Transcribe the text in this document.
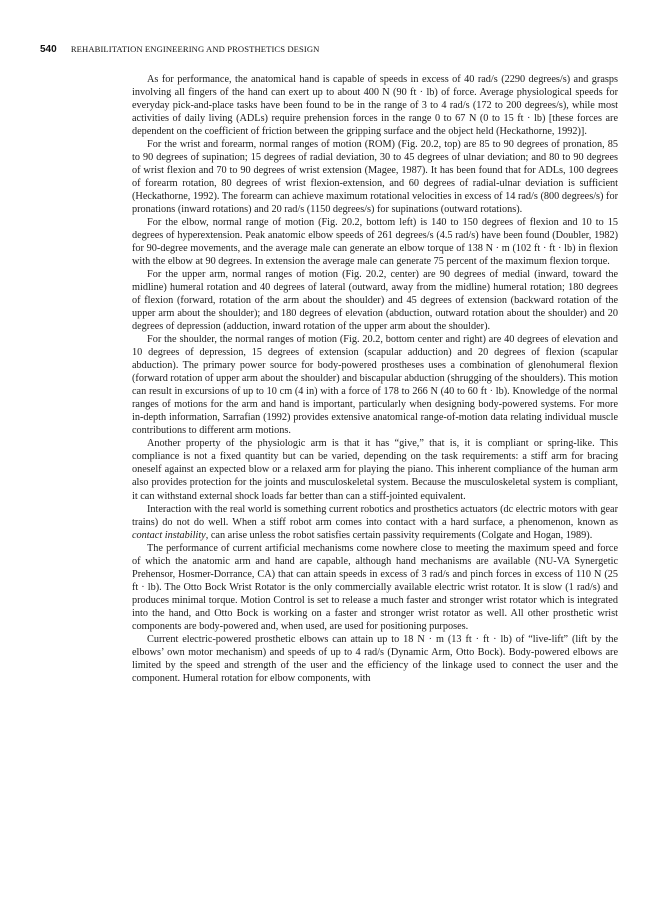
540 REHABILITATION ENGINEERING AND PROSTHETICS DESIGN

As for performance, the anatomical hand is capable of speeds in excess of 40 rad/s (2290 degrees/s) and grasps involving all fingers of the hand can exert up to about 400 N (90 ft · lb) of force. Average physiological speeds for everyday pick-and-place tasks have been found to be in the range of 3 to 4 rad/s (172 to 200 degrees/s), while most activities of daily living (ADLs) require prehension forces in the range 0 to 67 N (0 to 15 ft · lb) [these forces are dependent on the coefficient of friction between the gripping surface and the object held (Heckathorne, 1992)].

For the wrist and forearm, normal ranges of motion (ROM) (Fig. 20.2, top) are 85 to 90 degrees of pronation, 85 to 90 degrees of supination; 15 degrees of radial deviation, 30 to 45 degrees of ulnar deviation; and 80 to 90 degrees of wrist flexion and 70 to 90 degrees of wrist extension (Magee, 1987). It has been found that for ADLs, 100 degrees of forearm rotation, 80 degrees of wrist flexion-extension, and 60 degrees of radial-ulnar deviation is sufficient (Heckathorne, 1992). The forearm can achieve maximum rotational velocities in excess of 14 rad/s (800 degrees/s) for pronations (inward rotations) and 20 rad/s (1150 degrees/s) for supinations (outward rotations).

For the elbow, normal range of motion (Fig. 20.2, bottom left) is 140 to 150 degrees of flexion and 10 to 15 degrees of hyperextension. Peak anatomic elbow speeds of 261 degrees/s (4.5 rad/s) have been found (Doubler, 1982) for 90-degree movements, and the average male can generate an elbow torque of 138 N · m (102 ft · ft · lb) in flexion with the elbow at 90 degrees. In extension the average male can generate 75 percent of the maximum flexion torque.

For the upper arm, normal ranges of motion (Fig. 20.2, center) are 90 degrees of medial (inward, toward the midline) humeral rotation and 40 degrees of lateral (outward, away from the midline) humeral rotation; 180 degrees of flexion (forward, rotation of the arm about the shoulder) and 45 degrees of extension (backward rotation of the upper arm about the shoulder); and 180 degrees of elevation (abduction, outward rotation about the shoulder) and 20 degrees of depression (adduction, inward rotation of the upper arm about the shoulder).

For the shoulder, the normal ranges of motion (Fig. 20.2, bottom center and right) are 40 degrees of elevation and 10 degrees of depression, 15 degrees of extension (scapular adduction) and 20 degrees of flexion (scapular abduction). The primary power source for body-powered prostheses uses a combination of glenohumeral flexion (forward rotation of upper arm about the shoulder) and biscapular abduction (shrugging of the shoulders). This motion can result in excursions of up to 10 cm (4 in) with a force of 178 to 266 N (40 to 60 ft · lb). Knowledge of the normal ranges of motions for the arm and hand is important, particularly when designing body-powered systems. For more in-depth information, Sarrafian (1992) provides extensive anatomical range-of-motion data relating individual muscle contributions to different arm motions.

Another property of the physiologic arm is that it has “give,” that is, it is compliant or spring-like. This compliance is not a fixed quantity but can be varied, depending on the task requirements: a stiff arm for bracing oneself against an expected blow or a relaxed arm for playing the piano. This inherent compliance of the human arm also provides protection for the joints and musculoskeletal system. Because the musculoskeletal system is compliant, it can withstand external shock loads far better than can a stiff-jointed equivalent.

Interaction with the real world is something current robotics and prosthetics actuators (dc electric motors with gear trains) do not do well. When a stiff robot arm comes into contact with a hard surface, a phenomenon, known as contact instability, can arise unless the robot satisfies certain passivity requirements (Colgate and Hogan, 1989).

The performance of current artificial mechanisms come nowhere close to meeting the maximum speed and force of which the anatomic arm and hand are capable, although hand mechanisms are available (NU-VA Synergetic Prehensor, Hosmer-Dorrance, CA) that can attain speeds in excess of 3 rad/s and pinch forces in excess of 110 N (25 ft · lb). The Otto Bock Wrist Rotator is the only commercially available electric wrist rotator. It is slow (1 rad/s) and produces minimal torque. Motion Control is set to release a much faster and stronger wrist rotator which is integrated into the hand, and Otto Bock is working on a faster and stronger wrist rotator as well. All other prosthetic wrist components are body-powered and, when used, are used for positioning purposes.

Current electric-powered prosthetic elbows can attain up to 18 N · m (13 ft · ft · lb) of “live-lift” (lift by the elbows’ own motor mechanism) and speeds of up to 4 rad/s (Dynamic Arm, Otto Bock). Body-powered elbows are limited by the speed and strength of the user and the efficiency of the linkage used to connect the user and the component. Humeral rotation for elbow components, with
